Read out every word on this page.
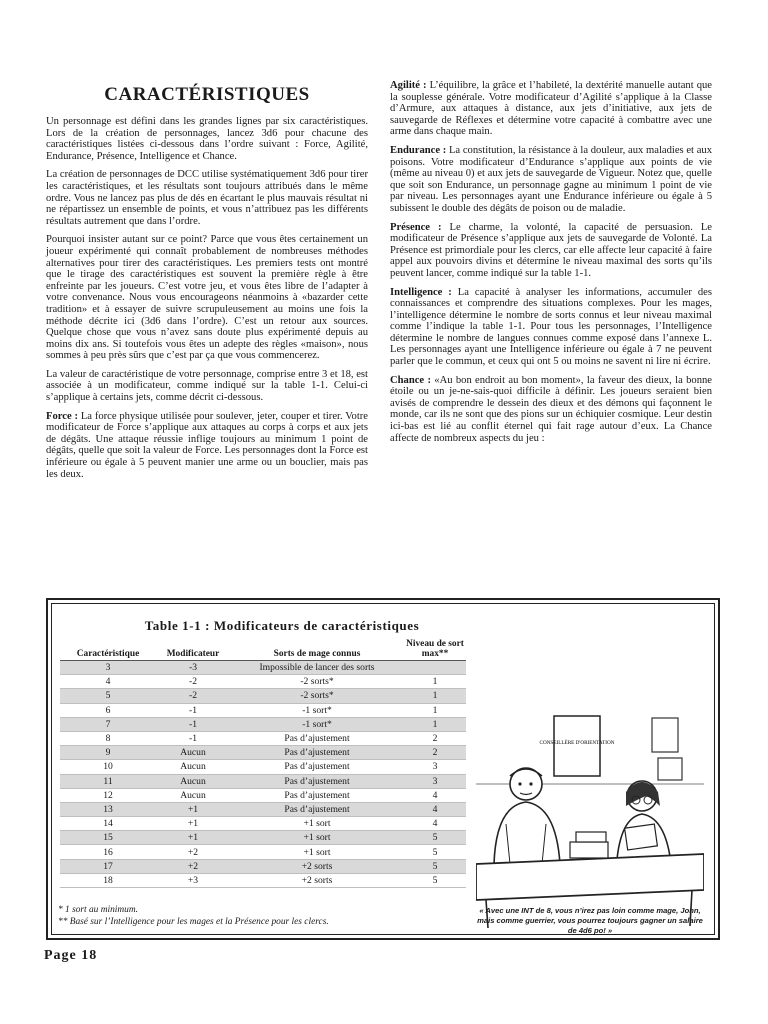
CARACTÉRISTIQUES

Un personnage est défini dans les grandes lignes par six caractéristiques. Lors de la création de personnages, lancez 3d6 pour chacune des caractéristiques listées ci-dessous dans l’ordre suivant : Force, Agilité, Endurance, Présence, Intelligence et Chance.

La création de personnages de DCC utilise systématiquement 3d6 pour tirer les caractéristiques, et les résultats sont toujours attribués dans le même ordre. Vous ne lancez pas plus de dés en écartant le plus mauvais résultat ni ne répartissez un ensemble de points, et vous n’attribuez pas les différents résultats autrement que dans l’ordre.

Pourquoi insister autant sur ce point? Parce que vous êtes certainement un joueur expérimenté qui connaît probablement de nombreuses méthodes alternatives pour tirer des caractéristiques. Les premiers tests ont montré que le tirage des caractéristiques est souvent la première règle à être enfreinte par les joueurs. C’est votre jeu, et vous êtes libre de l’adapter à votre convenance. Nous vous encourageons néanmoins à «bazarder cette tradition» et à essayer de suivre scrupuleusement au moins une fois la méthode décrite ici (3d6 dans l’ordre). C’est un retour aux sources. Quelque chose que vous n’avez sans doute plus expérimenté depuis au moins dix ans. Si toutefois vous êtes un adepte des règles «maison», nous sommes à peu près sûrs que c’est par ça que vous commencerez.

La valeur de caractéristique de votre personnage, comprise entre 3 et 18, est associée à un modificateur, comme indiqué sur la table 1-1. Celui-ci s’applique à certains jets, comme décrit ci-dessous.

Force : La force physique utilisée pour soulever, jeter, couper et tirer. Votre modificateur de Force s’applique aux attaques au corps à corps et aux jets de dégâts. Une attaque réussie inflige toujours au minimum 1 point de dégâts, quelle que soit la valeur de Force. Les personnages dont la Force est inférieure ou égale à 5 peuvent manier une arme ou un bouclier, mais pas les deux.

Agilité : L’équilibre, la grâce et l’habileté, la dextérité manuelle autant que la souplesse générale. Votre modificateur d’Agilité s’applique à la Classe d’Armure, aux attaques à distance, aux jets d’initiative, aux jets de sauvegarde de Réflexes et détermine votre capacité à combattre avec une arme dans chaque main.

Endurance : La constitution, la résistance à la douleur, aux maladies et aux poisons. Votre modificateur d’Endurance s’applique aux points de vie (même au niveau 0) et aux jets de sauvegarde de Vigueur. Notez que, quelle que soit son Endurance, un personnage gagne au minimum 1 point de vie par niveau. Les personnages ayant une Endurance inférieure ou égale à 5 subissent le double des dégâts de poison ou de maladie.

Présence : Le charme, la volonté, la capacité de persuasion. Le modificateur de Présence s’applique aux jets de sauvegarde de Volonté. La Présence est primordiale pour les clercs, car elle affecte leur capacité à faire appel aux pouvoirs divins et détermine le niveau maximal des sorts qu’ils peuvent lancer, comme indiqué sur la table 1-1.

Intelligence : La capacité à analyser les informations, accumuler des connaissances et comprendre des situations complexes. Pour les mages, l’intelligence détermine le nombre de sorts connus et leur niveau maximal comme l’indique la table 1-1. Pour tous les personnages, l’Intelligence détermine le nombre de langues connues comme exposé dans l’annexe L. Les personnages ayant une Intelligence inférieure ou égale à 7 ne peuvent parler que le commun, et ceux qui ont 5 ou moins ne savent ni lire ni écrire.

Chance : «Au bon endroit au bon moment», la faveur des dieux, la bonne étoile ou un je-ne-sais-quoi difficile à définir. Les joueurs seraient bien avisés de comprendre le dessein des dieux et des démons qui façonnent le monde, car ils ne sont que des pions sur un échiquier cosmique. Leur destin ici-bas est lié au conflit éternel qui fait rage autour d’eux. La Chance affecte de nombreux aspects du jeu :

Table 1-1 : Modificateurs de caractéristiques
Caractéristique	Modificateur	Sorts de mage connus	Niveau de sort max**
3	-3	Impossible de lancer des sorts	
4	-2	-2 sorts*	1
5	-2	-2 sorts*	1
6	-1	-1 sort*	1
7	-1	-1 sort*	1
8	-1	Pas d’ajustement	2
9	Aucun	Pas d’ajustement	2
10	Aucun	Pas d’ajustement	3
11	Aucun	Pas d’ajustement	3
12	Aucun	Pas d’ajustement	4
13	+1	Pas d’ajustement	4
14	+1	+1 sort	4
15	+1	+1 sort	5
16	+2	+1 sort	5
17	+2	+2 sorts	5
18	+3	+2 sorts	5

* 1 sort au minimum.

** Basé sur l’Intelligence pour les mages et la Présence pour les clercs.

CONSEILLÈRE D'ORIENTATION
« Avec une INT de 8, vous n’irez pas loin comme mage, John, mais comme guerrier, vous pourrez toujours gagner un salaire de 4d6 po! »
Page 18
